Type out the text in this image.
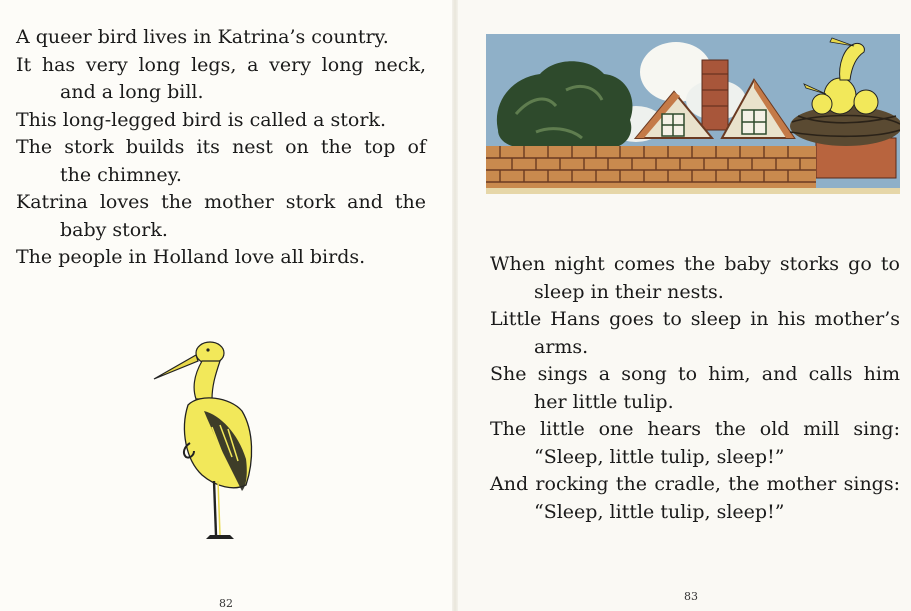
A queer bird lives in Katrina’s country.

It has very long legs, a very long neck,
and a long bill.

This long-legged bird is called a stork.

The stork builds its nest on the top of
the chimney.

Katrina loves the mother stork and the
baby stork.

The people in Holland love all birds.	When night comes the baby storks go to
sleep in their nests.

Little Hans goes to sleep in his mother’s
arms.

She sings a song to him, and calls him
her little tulip.

The little one hears the old mill sing:
“Sleep, little tulip, sleep!”

And rocking the cradle, the mother sings:
“Sleep, little tulip, sleep!”

82
83
